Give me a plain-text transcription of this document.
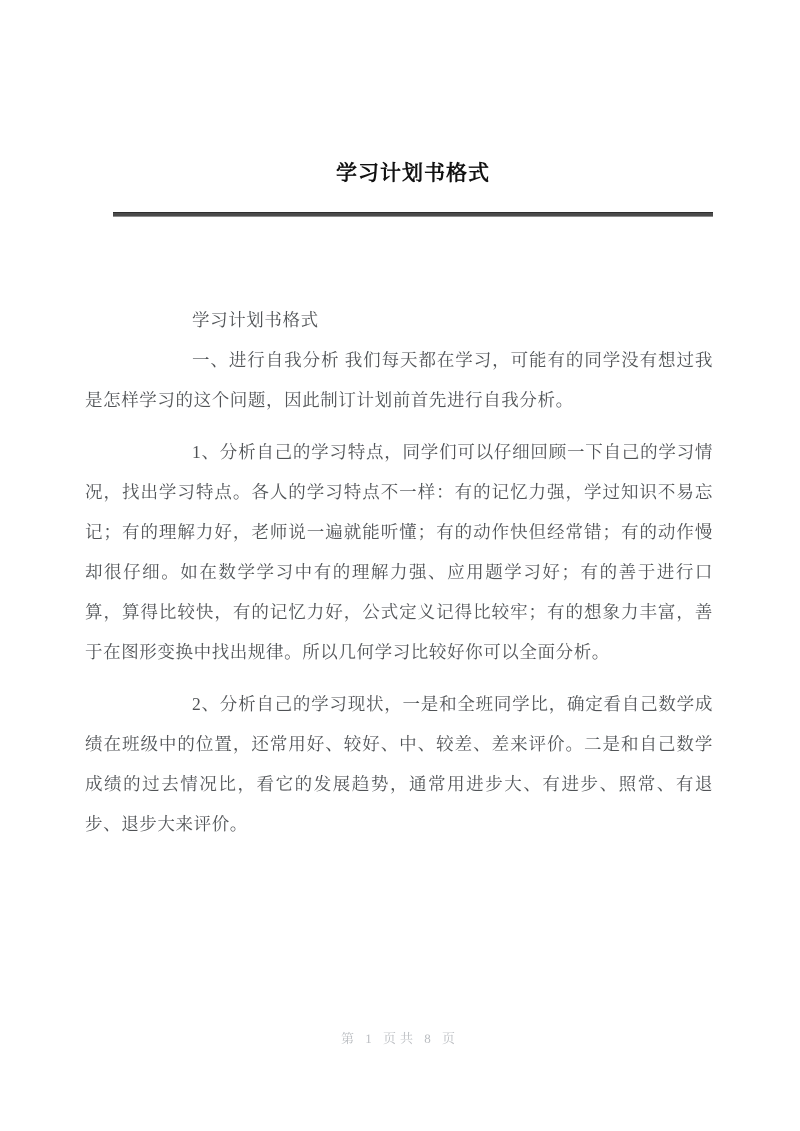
学习计划书格式

学习计划书格式

一、进行自我分析 我们每天都在学习，可能有的同学没有想过我是怎样学习的这个问题，因此制订计划前首先进行自我分析。

1、分析自己的学习特点，同学们可以仔细回顾一下自己的学习情况，找出学习特点。各人的学习特点不一样：有的记忆力强，学过知识不易忘记；有的理解力好，老师说一遍就能听懂；有的动作快但经常错；有的动作慢却很仔细。如在数学学习中有的理解力强、应用题学习好；有的善于进行口算，算得比较快，有的记忆力好，公式定义记得比较牢；有的想象力丰富，善于在图形变换中找出规律。所以几何学习比较好你可以全面分析。

2、分析自己的学习现状，一是和全班同学比，确定看自己数学成绩在班级中的位置，还常用好、较好、中、较差、差来评价。二是和自己数学成绩的过去情况比，看它的发展趋势，通常用进步大、有进步、照常、有退步、退步大来评价。

第 1 页共 8 页
